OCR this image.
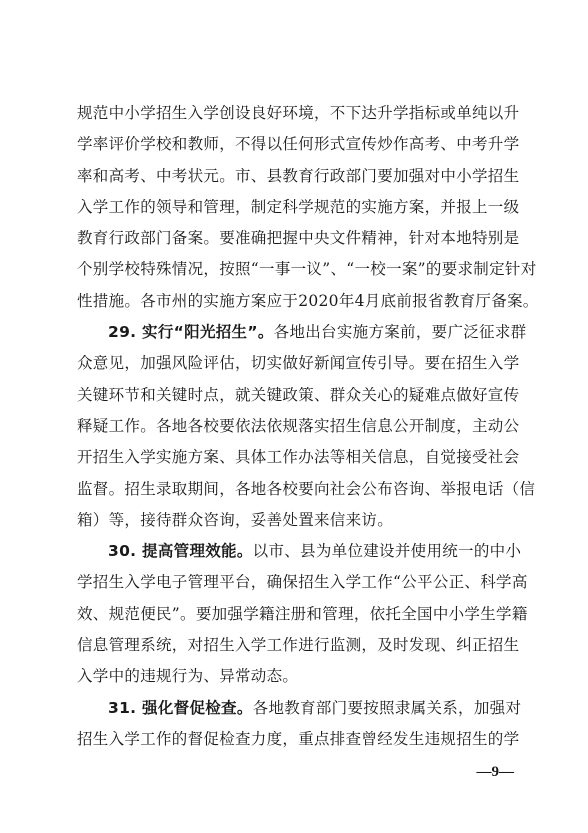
规范中小学招生入学创设良好环境，不下达升学指标或单纯以升
学率评价学校和教师，不得以任何形式宣传炒作高考、中考升学
率和高考、中考状元。市、县教育行政部门要加强对中小学招生
入学工作的领导和管理，制定科学规范的实施方案，并报上一级
教育行政部门备案。要准确把握中央文件精神，针对本地特别是
个别学校特殊情况，按照“一事一议”、“一校一案”的要求制定针对
性措施。各市州的实施方案应于2020年4月底前报省教育厅备案。
29. 实行“阳光招生”。各地出台实施方案前，要广泛征求群
众意见，加强风险评估，切实做好新闻宣传引导。要在招生入学
关键环节和关键时点，就关键政策、群众关心的疑难点做好宣传
释疑工作。各地各校要依法依规落实招生信息公开制度，主动公
开招生入学实施方案、具体工作办法等相关信息，自觉接受社会
监督。招生录取期间，各地各校要向社会公布咨询、举报电话（信
箱）等，接待群众咨询，妥善处置来信来访。
30. 提高管理效能。以市、县为单位建设并使用统一的中小
学招生入学电子管理平台，确保招生入学工作“公平公正、科学高
效、规范便民”。要加强学籍注册和管理，依托全国中小学生学籍
信息管理系统，对招生入学工作进行监测，及时发现、纠正招生
入学中的违规行为、异常动态。
31. 强化督促检查。各地教育部门要按照隶属关系，加强对
招生入学工作的督促检查力度，重点排查曾经发生违规招生的学
—9—
